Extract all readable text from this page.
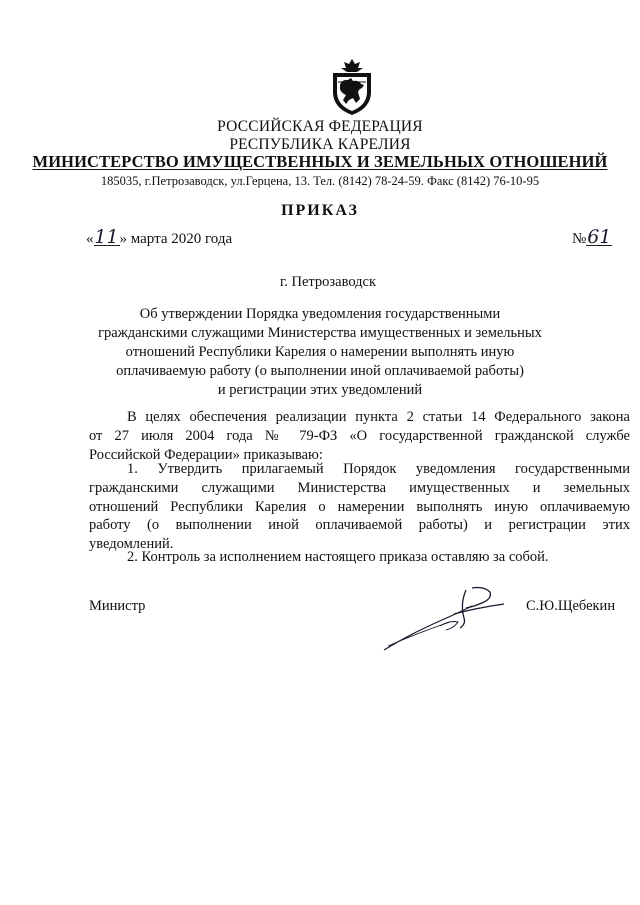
РОССИЙСКАЯ ФЕДЕРАЦИЯ
РЕСПУБЛИКА КАРЕЛИЯ
МИНИСТЕРСТВО ИМУЩЕСТВЕННЫХ И ЗЕМЕЛЬНЫХ ОТНОШЕНИЙ
185035, г.Петрозаводск, ул.Герцена, 13. Тел. (8142) 78-24-59. Факс (8142) 76-10-95
ПРИКАЗ
«11» марта 2020 года	№61
г. Петрозаводск
Об утверждении Порядка уведомления государственными
гражданскими служащими Министерства имущественных и земельных
отношений Республики Карелия о намерении выполнять иную
оплачиваемую работу (о выполнении иной оплачиваемой работы)
и регистрации этих уведомлений
В целях обеспечения реализации пункта 2 статьи 14 Федерального закона
от 27 июля 2004 года № 79-ФЗ «О государственной гражданской службе
Российской Федерации» приказываю:
1. Утвердить прилагаемый Порядок уведомления государственными
гражданскими служащими Министерства имущественных и земельных
отношений Республики Карелия о намерении выполнять иную оплачиваемую
работу (о выполнении иной оплачиваемой работы) и регистрации этих
уведомлений.
2. Контроль за исполнением настоящего приказа оставляю за собой.
Министр	С.Ю.Щебекин
